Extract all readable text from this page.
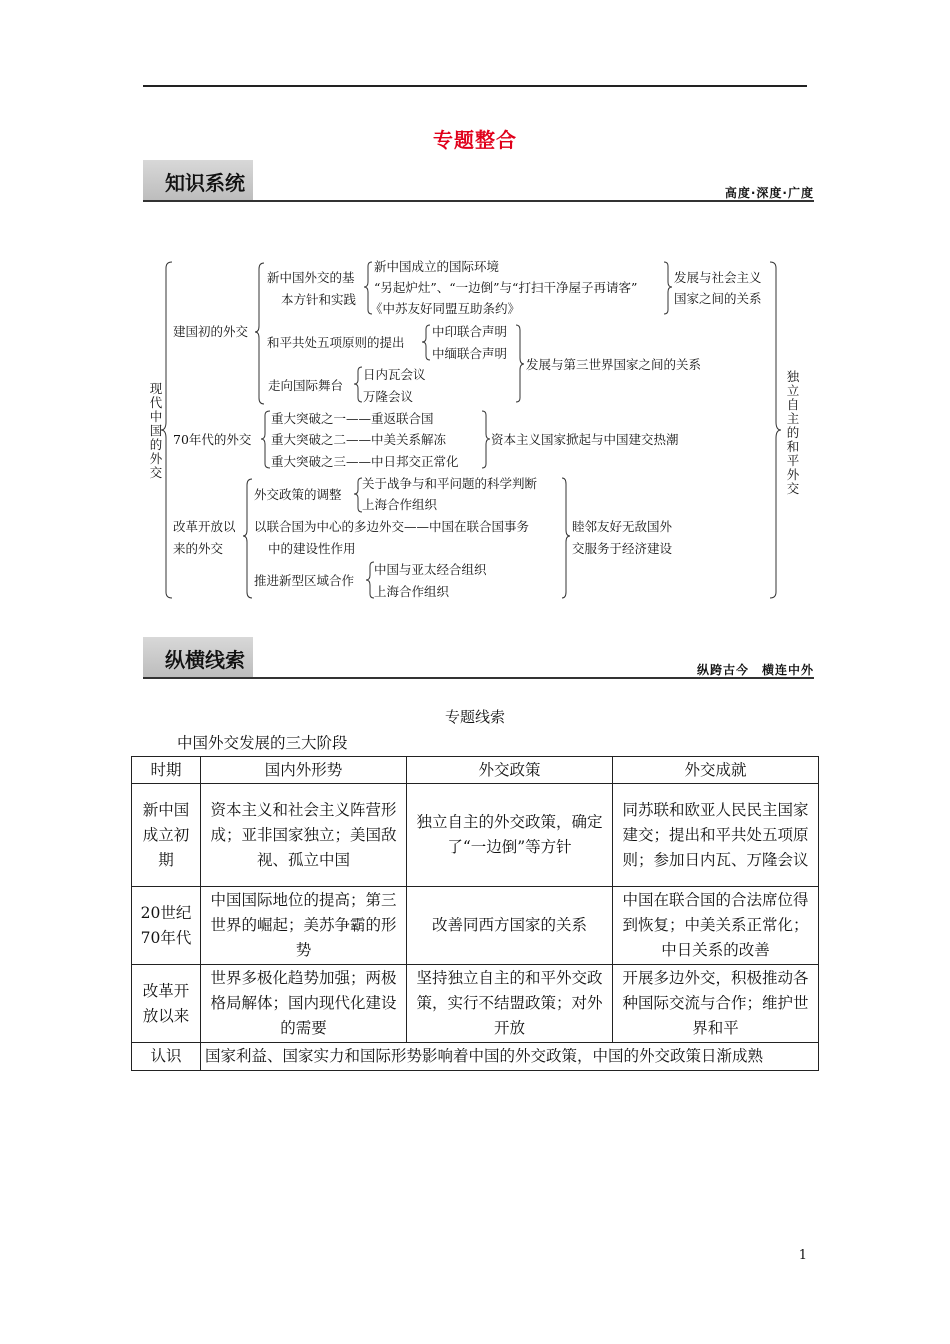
专题整合
知识系统	高度·深度·广度
现代中国的外交
独立自主的和平外交
建国初的外交
新中国外交的基
本方针和实践
新中国成立的国际环境
“另起炉灶”、“一边倒”与“打扫干净屋子再请客”
《中苏友好同盟互助条约》
发展与社会主义
国家之间的关系
和平共处五项原则的提出
中印联合声明
中缅联合声明
走向国际舞台
日内瓦会议
万隆会议
发展与第三世界国家之间的关系
70年代的外交
重大突破之一——重返联合国
重大突破之二——中美关系解冻
重大突破之三——中日邦交正常化
资本主义国家掀起与中国建交热潮
改革开放以
来的外交
外交政策的调整
关于战争与和平问题的科学判断
上海合作组织
以联合国为中心的多边外交——中国在联合国事务
中的建设性作用
推进新型区域合作
中国与亚太经合组织
上海合作组织
睦邻友好无敌国外
交服务于经济建设
纵横线索	纵跨古今　横连中外
专题线索
中国外交发展的三大阶段
时期	国内外形势	外交政策	外交成就
新中国成立初期	资本主义和社会主义阵营形成；亚非国家独立；美国敌视、孤立中国	独立自主的外交政策，确定了“一边倒”等方针	同苏联和欧亚人民民主国家建交；提出和平共处五项原则；参加日内瓦、万隆会议
20世纪70年代	中国国际地位的提高；第三世界的崛起；美苏争霸的形势	改善同西方国家的关系	中国在联合国的合法席位得到恢复；中美关系正常化；中日关系的改善
改革开放以来	世界多极化趋势加强；两极格局解体；国内现代化建设的需要	坚持独立自主的和平外交政策，实行不结盟政策；对外开放	开展多边外交，积极推动各种国际交流与合作；维护世界和平
认识	国家利益、国家实力和国际形势影响着中国的外交政策，中国的外交政策日渐成熟		
1
